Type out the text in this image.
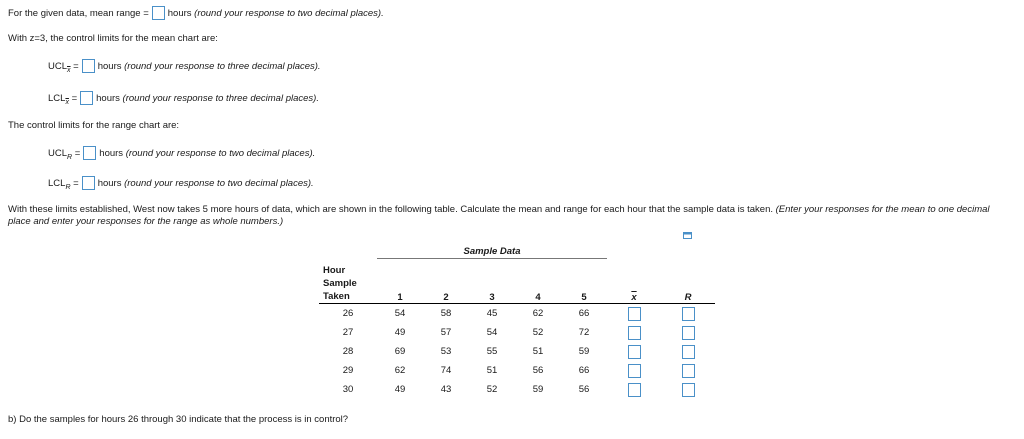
For the given data, mean range = hours
(round your response to two decimal places).
With z=3, the control limits for the mean chart are:
UCL $\overline{x}$
= hours
(round your response to three decimal places).
LCL $\overline{x}$
= hours
(round your response to three decimal places).
The control limits for the range chart are:
UCL R
= hours
(round your response to two decimal places).
LCL R
= hours
(round your response to two decimal places).
With these limits established, West now takes 5 more hours of data, which are shown in the following table. Calculate the mean and range for each hour that the sample data is taken. (Enter your responses for the mean to one decimal place and enter your responses for the range as whole numbers.)
	Sample Data						

Hour
Sample
Taken	1	2	3	4	5	$\overline{x}$	R
26	54	58	45	62	66		
27	49	57	54	52	72		
28	69	53	55	51	59		
29	62	74	51	56	66		
30	49	43	52	59	56		
b) Do the samples for hours 26 through 30 indicate that the process is in control?
